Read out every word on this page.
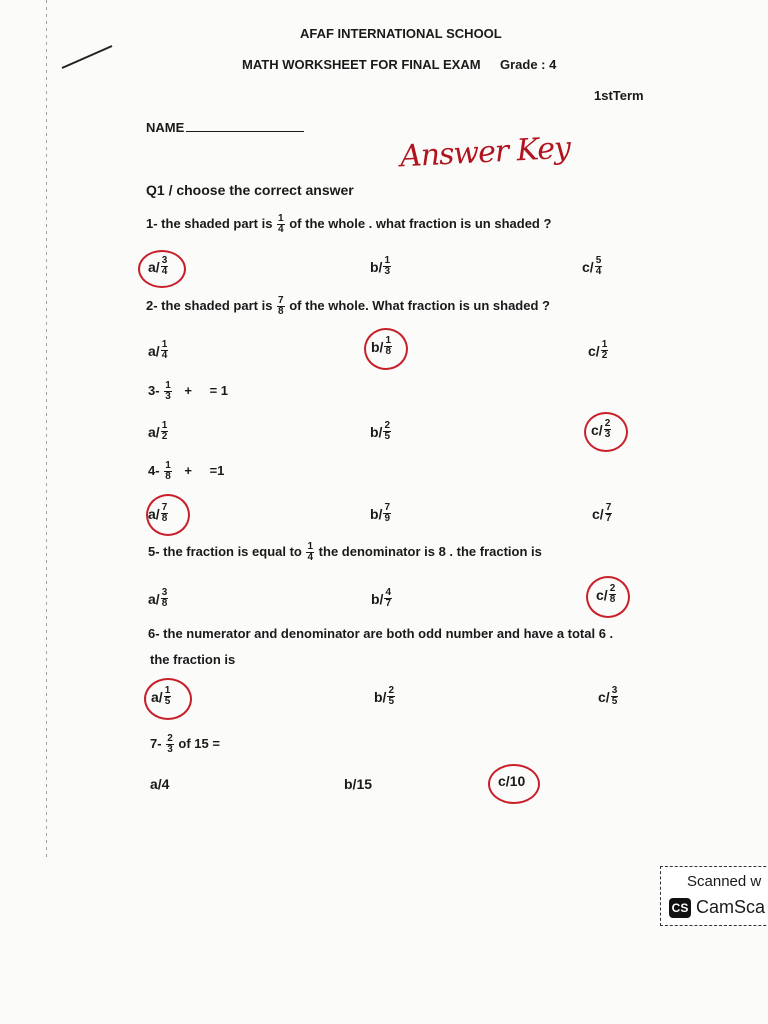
AFAF INTERNATIONAL SCHOOL
MATH WORKSHEET FOR FINAL EXAM Grade : 4
1stTerm
NAME
Answer Key
Q1 / choose the correct answer
1- the shaded part is $\frac{1}{4}$ of the whole . what fraction is un shaded ?
$a/ \frac{3}{4}$	$b/ \frac{1}{3}$	$c/ \frac{5}{4}$
2- the shaded part is $\frac{7}{8}$ of the whole. What fraction is un shaded ?
$a/ \frac{1}{4}$	$b/ \frac{1}{8}$	$c/ \frac{1}{2}$
$3- \frac{1}{3}$ + = 1
$a/ \frac{1}{2}$	$b/ \frac{2}{5}$	$c/ \frac{2}{3}$
$4- \frac{1}{8} + =1$
$a/ \frac{7}{8}$	$b/ \frac{7}{9}$	$c/ \frac{7}{7}$
5- the fraction is equal to $\frac{1}{4}$ the denominator is 8 . the fraction is
$a/ \frac{3}{8}$	$b/ \frac{4}{7}$	$c/ \frac{2}{8}$
6- the numerator and denominator are both odd number and have a total 6 .
the fraction is
$a/ \frac{1}{5}$	$b/ \frac{2}{5}$	$c/ \frac{3}{5}$
$7- \frac{2}{3}$ of 15 =
a/4	b/15	c/10
Scanned w
CS CamSca
